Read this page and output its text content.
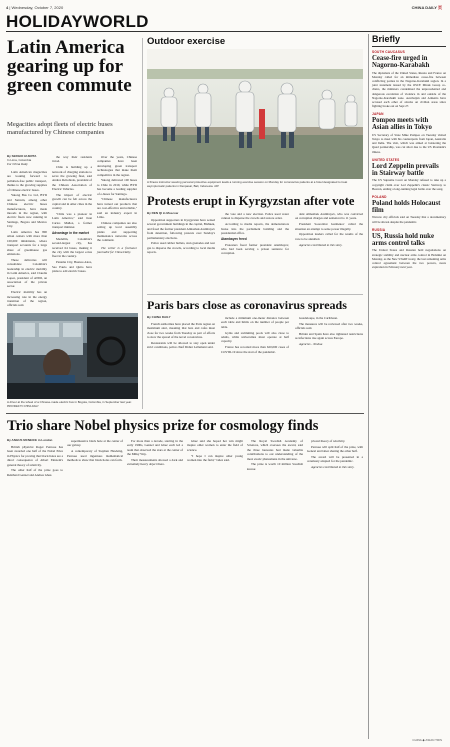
4 | Wednesday, October 7, 2020	CHINA DAILY 页
HOLIDAYWORLD
Latin America gearing up for green commute
Megacities adopt fleets of electric buses manufactured by Chinese companies
By SERGIO HUERTA
In Lima, Colombia
For China Daily

Latin American megacities are looking forward to pollution-free public transport, thanks to the growing supplies of Chinese electric buses.

Yutong Bus Co Ltd, BYD and Sunwin, among other Chinese electric buses manufacturers, have made inroads in the region, with electric fleets now running in Santiago, Bogota and Mexico City.

Latin America has 800 urban centers with more than 100,000 inhabitants, where transport accounts for a large share of greenhouse gas emissions.

These deliveries will consolidate Colombia's leadership in electric mobility in Latin America, said Claudia Lopez, president of ANDI, an association of the private sector.

Electric mobility has an increasing role in the energy transition of the region, officials said.

the way their residents travel.

Chile is building up a network of charging stations to serve the growing fleet, said Andres Rebolledo, president of the Chilean Association of Electric Vehicles.

The impact of electric growth can be felt across the capital and in other cities in the country.

"Chile was a pioneer in Latin America," said Juan Carlos Muñoz, a former transport minister.

Advantage in the market

Medellin, Colombia's second-largest city, has received 64 buses, making it the city with the largest e-bus fleet in the country.

Panama City, Buenos Aires, Sao Paulo and Quito have plans to add electric buses.

Over the years, Chinese companies have been developing green transport technologies that make them competitive in the region.

Yutong delivered 100 buses to Chile in 2019, while BYD has become a leading supplier of e-buses for Santiago.

"Chinese manufacturers have turned out products that are cost-effective and reliable," said an industry expert in Lima.

Chinese companies are also setting up local assembly plants and supporting maintenance networks across the continent.

The writer is a freelance journalist for China Daily.

A driver at the wheel of a Chinese-made electric bus in Bogota, Colombia, in September last year. PROVIDED TO CHINA DAILY
Outdoor exercise
A fitness instructor wearing personal protective equipment leads a running exercise session on Monday for coronavirus patients at a hotel designated to treat asymptomatic patients in Denpasar, Bali, Indonesia. AFP
Protests erupt in Kyrgyzstan after vote
By REN QI in Moscow

Opposition supporters in Kyrgyzstan have seized several government buildings in the capital, Bishkek, and freed the former president Almazbek Atambayev from detention, following protests over Sunday's parliamentary elections.

Police used rubber bullets, stun grenades and tear gas to disperse the crowds, according to local media reports.

the vote and a new election. Police used water cannon to disperse the crowds and restore order.

According to media reports, the demonstrators broke into the parliament building and the presidential office.

Atambayev freed

Protesters freed former president Atambayev, who had been serving a prison sentence for corruption.

dent Almazbek Atambayev, who was convicted on corruption charges and sentenced to 11 years.

President Sooronbai Jeenbekov called the situation an attempt to seize power illegally.

Opposition leaders called for the results of the vote to be annulled.

Agencies contributed to this story.

Paris bars close as coronavirus spreads
By CHINA DAILY

French authorities have placed the Paris region on maximum alert, meaning that bars and cafes must close for two weeks from Tuesday as part of efforts to slow the spread of the novel coronavirus.

Restaurants will be allowed to stay open under strict conditions, police chief Didier Lallement said.

include a minimum one-meter distance between each table and limits on the number of people per table.

Gyms and swimming pools will also close to adults, while universities must operate at half capacity.

France has recorded more than 620,000 cases of COVID-19 since the start of the pandemic.

Guadeloupe, in the Caribbean.

The measures will be reviewed after two weeks, officials said.

Britain and Spain have also tightened restrictions as infections rise again across Europe.

Agencies - Xinhua

Trio share Nobel physics prize for cosmology finds
By ANGUS MCNEICE in London

British physicist Roger Penrose has been awarded one half of the Nobel Prize in Physics for proving that black holes are a direct consequence of Albert Einstein's general theory of relativity.

The other half of the prize goes to Reinhard Genzel and Andrea Ghez.

supermassive black hole at the center of our galaxy.

A contemporary of Stephen Hawking, Penrose used ingenious mathematical methods to show that black holes can form.

For more than a decade, starting in the early 1990s, Genzel and Ghez each led a team that observed the stars at the center of the Milky Way.

Their measurements showed a dark and extremely heavy object there.

Ghez said she hoped her win might inspire other women to enter the field of science.

"I hope I can inspire other young women into the field," Ghez said.

The Royal Swedish Academy of Sciences, which oversees the award, said the three laureates had made valuable contributions to our understanding of the most exotic phenomena in the universe.

The prize is worth 10 million Swedish kronor.

pivotal theory of relativity.

Penrose will split half of the prize, with Genzel and Ghez sharing the other half.

The award will be presented in a ceremony adapted for the pandemic.

Agencies contributed to this story.

Briefly
SOUTH CAUCASUS
Cease-fire urged in Nagorno-Karabakh
The diplomats of the United States, Russia and France on Monday called for an immediate cease-fire between conflicting parties in the Nagorno-Karabakh region. In a joint statement issued by the OSCE Minsk Group co-chairs, the ministers condemned the unprecedented and dangerous escalation of violence in and outside of the Nagorno-Karabakh zone. Azerbaijan and Armenia have accused each other of attacks on civilian areas since fighting broke out on Sept 27.
JAPAN
Pompeo meets with Asian allies in Tokyo
US Secretary of State Mike Pompeo on Tuesday visited Tokyo to meet with his counterparts from Japan, Australia and India. The visit, which was aimed at bolstering the Quad partnership, was cut short due to the US President's illness.
UNITED STATES
Lord Zeppelin prevails in Stairway battle
The US Supreme Court on Monday refused to take up a copyright claim over Led Zeppelin's classic Stairway to Heaven, ending a long-running legal battle over the song.
POLAND
Poland holds Holocaust film
Warsaw city officials said on Tuesday that a documentary will be shown despite the pandemic.
RUSSIA
US, Russia hold nuke arms control talks
The United States and Russian held negotiations on strategic stability and nuclear arms control in Helsinki on Monday, as the New START treaty, the last remaining arms control agreement between the two powers, nears expiration in February next year.
CHINA ◆ ASIAN TRIS
